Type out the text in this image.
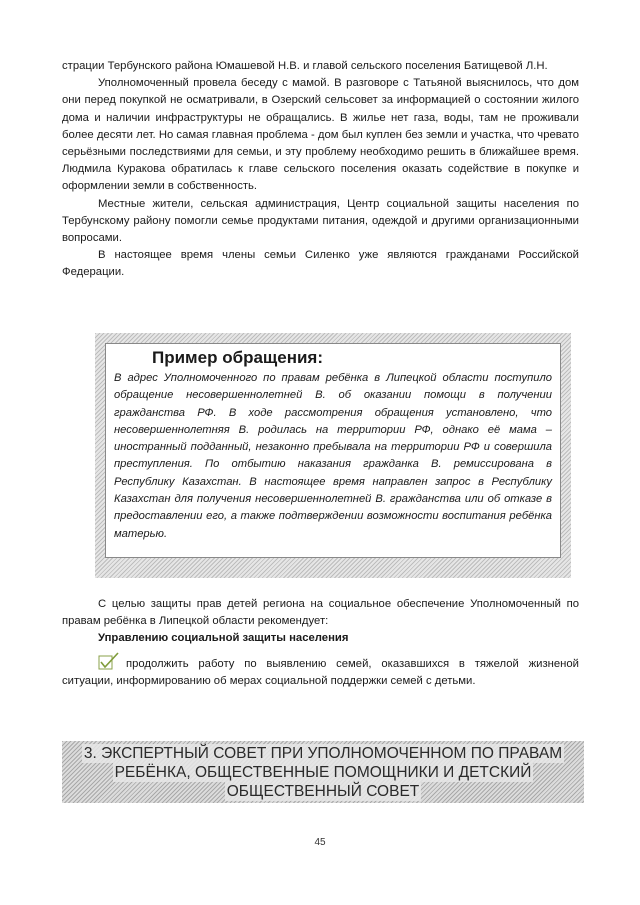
страции Тербунского района Юмашевой Н.В. и главой сельского поселения Батищевой Л.Н.

Уполномоченный провела беседу с мамой. В разговоре с Татьяной выяснилось, что дом они перед покупкой не осматривали, в Озерский сельсовет за информацией о состоянии жилого дома и наличии инфраструктуры не обращались. В жилье нет газа, воды, там не проживали более десяти лет. Но самая главная проблема - дом был куплен без земли и участка, что чревато серьёзными последствиями для семьи, и эту проблему необходимо решить в ближайшее время. Людмила Куракова обратилась к главе сельского поселения оказать содействие в покупке и оформлении земли в собственность.

Местные жители, сельская администрация, Центр социальной защиты населения по Тербунскому району помогли семье продуктами питания, одеждой и другими организационными вопросами.

В настоящее время члены семьи Силенко уже являются гражданами Российской Федерации.

Пример обращения:

В адрес Уполномоченного по правам ребёнка в Липецкой области поступило обращение несовершеннолетней В. об оказании помощи в получении гражданства РФ. В ходе рассмотрения обращения установлено, что несовершеннолетняя В. родилась на территории РФ, однако её мама – иностранный подданный, незаконно пребывала на территории РФ и совершила преступления. По отбытию наказания гражданка В. ремиссирована в Республику Казахстан. В настоящее время направлен запрос в Республику Казахстан для получения несовершеннолетней В. гражданства или об отказе в предоставлении его, а также подтверждении возможности воспитания ребёнка матерью.

С целью защиты прав детей региона на социальное обеспечение Уполномоченный по правам ребёнка в Липецкой области рекомендует:

Управлению социальной защиты населения

продолжить работу по выявлению семей, оказавшихся в тяжелой жизненой ситуации, информированию об мерах социальной поддержки семей с детьми.

3. ЭКСПЕРТНЫЙ СОВЕТ ПРИ УПОЛНОМОЧЕННОМ ПО ПРАВАМ
РЕБЁНКА, ОБЩЕСТВЕННЫЕ ПОМОЩНИКИ И ДЕТСКИЙ
ОБЩЕСТВЕННЫЙ СОВЕТ
45
